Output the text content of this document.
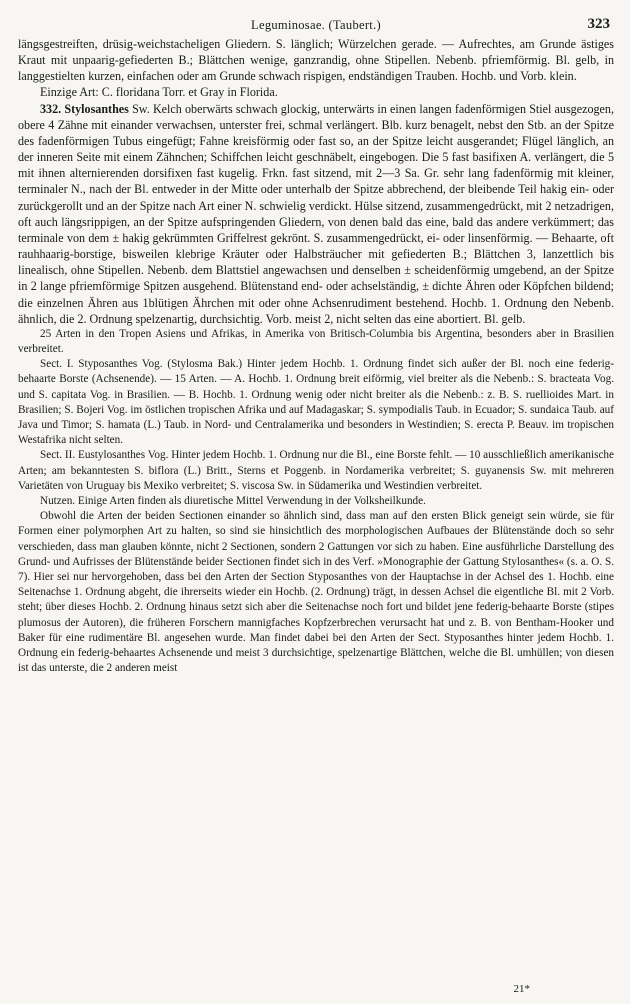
Leguminosae. (Taubert.)	323

längsgestreiften, drüsig-weichstacheligen Gliedern. S. länglich; Würzelchen gerade. — Aufrechtes, am Grunde ästiges Kraut mit unpaarig-gefiederten B.; Blättchen wenige, ganzrandig, ohne Stipellen. Nebenb. pfriemförmig. Bl. gelb, in langgestielten kurzen, einfachen oder am Grunde schwach rispigen, endständigen Trauben. Hochb. und Vorb. klein.

Einzige Art: C. floridana Torr. et Gray in Florida.

332. Stylosanthes Sw. Kelch oberwärts schwach glockig, unterwärts in einen langen fadenförmigen Stiel ausgezogen, obere 4 Zähne mit einander verwachsen, unterster frei, schmal verlängert. Blb. kurz benagelt, nebst den Stb. an der Spitze des fadenförmigen Tubus eingefügt; Fahne kreisförmig oder fast so, an der Spitze leicht ausgerandet; Flügel länglich, an der inneren Seite mit einem Zähnchen; Schiffchen leicht geschnäbelt, eingebogen. Die 5 fast basifixen A. verlängert, die 5 mit ihnen alternierenden dorsifixen fast kugelig. Frkn. fast sitzend, mit 2—3 Sa. Gr. sehr lang fadenförmig mit kleiner, terminaler N., nach der Bl. entweder in der Mitte oder unterhalb der Spitze abbrechend, der bleibende Teil hakig ein- oder zurückgerollt und an der Spitze nach Art einer N. schwielig verdickt. Hülse sitzend, zusammengedrückt, mit 2 netzadrigen, oft auch längsrippigen, an der Spitze aufspringenden Gliedern, von denen bald das eine, bald das andere verkümmert; das terminale von dem ± hakig gekrümmten Griffelrest gekrönt. S. zusammengedrückt, ei- oder linsenförmig. — Behaarte, oft rauhhaarig-borstige, bisweilen klebrige Kräuter oder Halbsträucher mit gefiederten B.; Blättchen 3, lanzettlich bis linealisch, ohne Stipellen. Nebenb. dem Blattstiel angewachsen und denselben ± scheidenförmig umgebend, an der Spitze in 2 lange pfriemförmige Spitzen ausgehend. Blütenstand end- oder achselständig, ± dichte Ähren oder Köpfchen bildend; die einzelnen Ähren aus 1blütigen Ährchen mit oder ohne Achsenrudiment bestehend. Hochb. 1. Ordnung den Nebenb. ähnlich, die 2. Ordnung spelzenartig, durchsichtig. Vorb. meist 2, nicht selten das eine abortiert. Bl. gelb.

25 Arten in den Tropen Asiens und Afrikas, in Amerika von Britisch-Columbia bis Argentina, besonders aber in Brasilien verbreitet.

Sect. I. Styposanthes Vog. (Stylosma Bak.) Hinter jedem Hochb. 1. Ordnung findet sich außer der Bl. noch eine federig-behaarte Borste (Achsenende). — 15 Arten. — A. Hochb. 1. Ordnung breit eiförmig, viel breiter als die Nebenb.: S. bracteata Vog. und S. capitata Vog. in Brasilien. — B. Hochb. 1. Ordnung wenig oder nicht breiter als die Nebenb.: z. B. S. ruellioides Mart. in Brasilien; S. Bojeri Vog. im östlichen tropischen Afrika und auf Madagaskar; S. sympodialis Taub. in Ecuador; S. sundaica Taub. auf Java und Timor; S. hamata (L.) Taub. in Nord- und Centralamerika und besonders in Westindien; S. erecta P. Beauv. im tropischen Westafrika nicht selten.

Sect. II. Eustylosanthes Vog. Hinter jedem Hochb. 1. Ordnung nur die Bl., eine Borste fehlt. — 10 ausschließlich amerikanische Arten; am bekanntesten S. biflora (L.) Britt., Sterns et Poggenb. in Nordamerika verbreitet; S. guyanensis Sw. mit mehreren Varietäten von Uruguay bis Mexiko verbreitet; S. viscosa Sw. in Südamerika und Westindien verbreitet.

Nutzen. Einige Arten finden als diuretische Mittel Verwendung in der Volksheilkunde.

Obwohl die Arten der beiden Sectionen einander so ähnlich sind, dass man auf den ersten Blick geneigt sein würde, sie für Formen einer polymorphen Art zu halten, so sind sie hinsichtlich des morphologischen Aufbaues der Blütenstände doch so sehr verschieden, dass man glauben könnte, nicht 2 Sectionen, sondern 2 Gattungen vor sich zu haben. Eine ausführliche Darstellung des Grund- und Aufrisses der Blütenstände beider Sectionen findet sich in des Verf. »Monographie der Gattung Stylosanthes« (s. a. O. S. 7). Hier sei nur hervorgehoben, dass bei den Arten der Section Styposanthes von der Hauptachse in der Achsel des 1. Hochb. eine Seitenachse 1. Ordnung abgeht, die ihrerseits wieder ein Hochb. (2. Ordnung) trägt, in dessen Achsel die eigentliche Bl. mit 2 Vorb. steht; über dieses Hochb. 2. Ordnung hinaus setzt sich aber die Seitenachse noch fort und bildet jene federig-behaarte Borste (stipes plumosus der Autoren), die früheren Forschern mannigfaches Kopfzerbrechen verursacht hat und z. B. von Bentham-Hooker und Baker für eine rudimentäre Bl. angesehen wurde. Man findet dabei bei den Arten der Sect. Styposanthes hinter jedem Hochb. 1. Ordnung ein federig-behaartes Achsenende und meist 3 durchsichtige, spelzenartige Blättchen, welche die Bl. umhüllen; von diesen ist das unterste, die 2 anderen meist

21*
